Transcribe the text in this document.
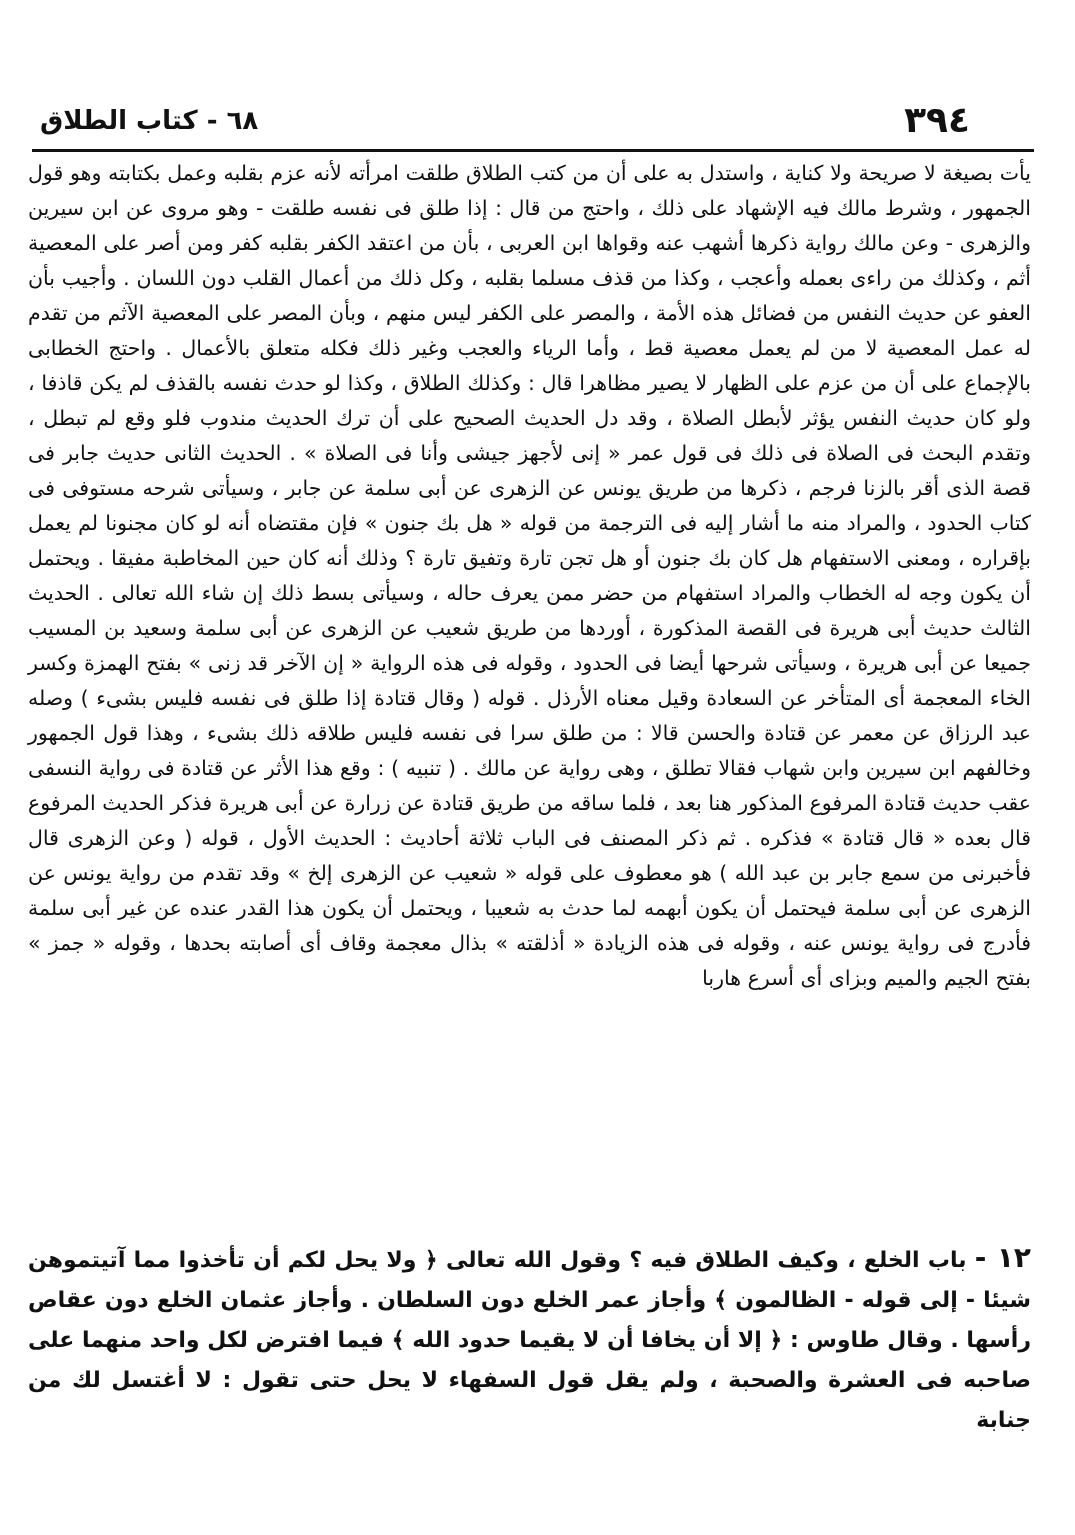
٦٨ - كتاب الطلاق	٣٩٤
يأت بصيغة لا صريحة ولا كناية ، واستدل به على أن من كتب الطلاق طلقت امرأته لأنه عزم بقلبه وعمل بكتابته وهو قول الجمهور ، وشرط مالك فيه الإشهاد على ذلك ، واحتج من قال : إذا طلق فى نفسه طلقت - وهو مروى عن ابن سيرين والزهرى - وعن مالك رواية ذكرها أشهب عنه وقواها ابن العربى ، بأن من اعتقد الكفر بقلبه كفر ومن أصر على المعصية أثم ، وكذلك من راءى بعمله وأعجب ، وكذا من قذف مسلما بقلبه ، وكل ذلك من أعمال القلب دون اللسان . وأجيب بأن العفو عن حديث النفس من فضائل هذه الأمة ، والمصر على الكفر ليس منهم ، وبأن المصر على المعصية الآثم من تقدم له عمل المعصية لا من لم يعمل معصية قط ، وأما الرياء والعجب وغير ذلك فكله متعلق بالأعمال . واحتج الخطابى بالإجماع على أن من عزم على الظهار لا يصير مظاهرا قال : وكذلك الطلاق ، وكذا لو حدث نفسه بالقذف لم يكن قاذفا ، ولو كان حديث النفس يؤثر لأبطل الصلاة ، وقد دل الحديث الصحيح على أن ترك الحديث مندوب فلو وقع لم تبطل ، وتقدم البحث فى الصلاة فى ذلك فى قول عمر « إنى لأجهز جيشى وأنا فى الصلاة » . الحديث الثانى حديث جابر فى قصة الذى أقر بالزنا فرجم ، ذكرها من طريق يونس عن الزهرى عن أبى سلمة عن جابر ، وسيأتى شرحه مستوفى فى كتاب الحدود ، والمراد منه ما أشار إليه فى الترجمة من قوله « هل بك جنون » فإن مقتضاه أنه لو كان مجنونا لم يعمل بإقراره ، ومعنى الاستفهام هل كان بك جنون أو هل تجن تارة وتفيق تارة ؟ وذلك أنه كان حين المخاطبة مفيقا . ويحتمل أن يكون وجه له الخطاب والمراد استفهام من حضر ممن يعرف حاله ، وسيأتى بسط ذلك إن شاء الله تعالى . الحديث الثالث حديث أبى هريرة فى القصة المذكورة ، أوردها من طريق شعيب عن الزهرى عن أبى سلمة وسعيد بن المسيب جميعا عن أبى هريرة ، وسيأتى شرحها أيضا فى الحدود ، وقوله فى هذه الرواية « إن الآخر قد زنى » بفتح الهمزة وكسر الخاء المعجمة أى المتأخر عن السعادة وقيل معناه الأرذل . قوله ( وقال قتادة إذا طلق فى نفسه فليس بشىء ) وصله عبد الرزاق عن معمر عن قتادة والحسن قالا : من طلق سرا فى نفسه فليس طلاقه ذلك بشىء ، وهذا قول الجمهور وخالفهم ابن سيرين وابن شهاب فقالا تطلق ، وهى رواية عن مالك . ( تنبيه ) : وقع هذا الأثر عن قتادة فى رواية النسفى عقب حديث قتادة المرفوع المذكور هنا بعد ، فلما ساقه من طريق قتادة عن زرارة عن أبى هريرة فذكر الحديث المرفوع قال بعده « قال قتادة » فذكره . ثم ذكر المصنف فى الباب ثلاثة أحاديث : الحديث الأول ، قوله ( وعن الزهرى قال فأخبرنى من سمع جابر بن عبد الله ) هو معطوف على قوله « شعيب عن الزهرى إلخ » وقد تقدم من رواية يونس عن الزهرى عن أبى سلمة فيحتمل أن يكون أبهمه لما حدث به شعيبا ، ويحتمل أن يكون هذا القدر عنده عن غير أبى سلمة فأدرج فى رواية يونس عنه ، وقوله فى هذه الزيادة « أذلقته » بذال معجمة وقاف أى أصابته بحدها ، وقوله « جمز » بفتح الجيم والميم وبزاى أى أسرع هاربا
١٢ - باب الخلع ، وكيف الطلاق فيه ؟ وقول الله تعالى ﴿ ولا يحل لكم أن تأخذوا مما آتيتموهن شيئا - إلى قوله - الظالمون ﴾ وأجاز عمر الخلع دون السلطان . وأجاز عثمان الخلع دون عقاص رأسها . وقال طاوس : ﴿ إلا أن يخافا أن لا يقيما حدود الله ﴾ فيما افترض لكل واحد منهما على صاحبه فى العشرة والصحبة ، ولم يقل قول السفهاء لا يحل حتى تقول : لا أغتسل لك من جنابة
